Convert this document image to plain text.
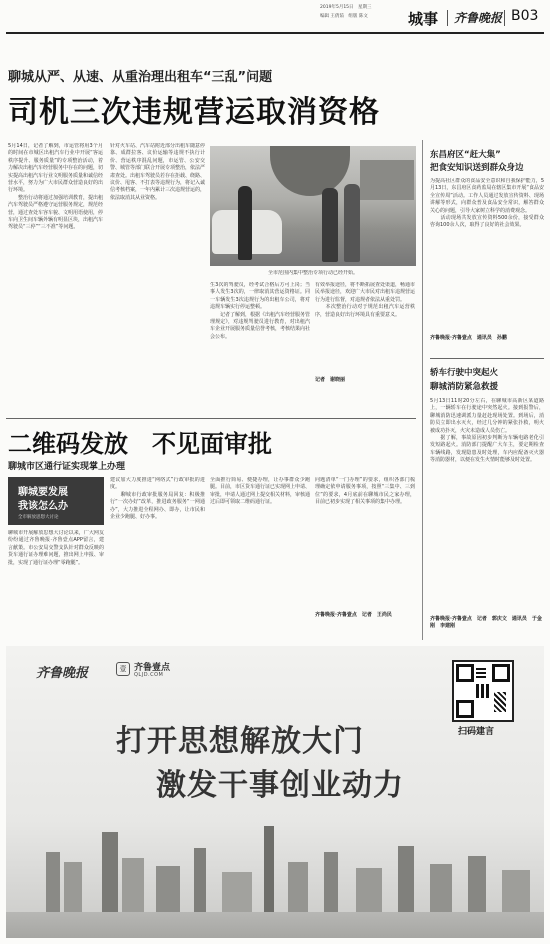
2019年5月15日　星期三
编辑 王倩茹　组版 陈文	城事 齐鲁晚报 B03
聊城从严、从速、从重治理出租车“三乱”问题
司机三次违规营运取消资格
5月14日，记者了解到，市运管将用3个月的时间在市城区出租汽车行业中开展“客运秩序提升、服务质量”的专项整治活动，着力解决出租汽车经营服务中存在的问题，切实提高出租汽车行业文明服务质量和诚信经营水平，努力为广大市民群众营造良好的出行环境。
　　整治行动将通过加强培训教育，提出租汽车驾驶员严格遵守运营服务规定，规范经营，通过查处车容车貌、文明用语使用，停车向卫生间车辆外辆有明显区块，出租汽车驾驶员“三停”“三不准”等问题。
针对火车站、汽车站附近部分出租车随意停靠、成群拉客、议价运输等违规不执行计价、营运秩序混乱问题，市运管、公安交警、城管等部门联合开展专项整治，依法严肃查处。出租车驾驶员若存在拒载、绕路、议价、甩客、不打表等违规行为，将记入诚信考核档案，一年内累计三次违规营运的，依法取消其从业资格。
全市范围内集中整治专项行动已经开始。
生3次的驾驶员，经考试合格后方可上岗；当事人发生3次的，一律取消其营运资格证。同一车辆发生3次违规行为的出租车公司，将对违规车辆实行停运整顿。
　　记者了解到，根据《出租汽车经营服务管理规定》，对违规驾驶员进行教育，对出租汽车企业开展服务质量信誉考核，考核结果向社会公布。
有效举报途径，将不断拓展查处渠道，畅通市民举报途径，欢迎广大市民对出租车违规营运行为进行监督，对违规者依法从重处罚。
　　本次整治行动对于规范出租汽车运营秩序，营造良好出行环境具有重要意义。
记者　谢晓丽
东昌府区“赶大集”
把食安知识送到群众身边
为提高社区群众的食品安全意识和自我保护能力，5月13日，东昌府区食药监局在辖区集市开展“食品安全宣传周”活动。工作人员通过发放宣传资料、现场讲解等形式，向群众普及食品安全常识，解答群众关心的问题，引导大家树立科学的消费观念。
　　活动现场共发放宣传资料500余份，接受群众咨询100余人次，取得了良好的社会效果。
齐鲁晚报·齐鲁壹点　通讯员　孙鹏
轿车行驶中突起火
聊城消防紧急救援
5月13日11时20分左右，在聊城市高新区某道路上，一辆轿车在行驶途中突然起火。接到报警后，聊城消防迅速调派力量赶赴现场处置。到场后，消防员立即出水灭火，经过几分钟的紧张扑救，明火被成功扑灭，火灾未造成人员伤亡。
　　据了解，事故原因初步判断为车辆电路老化引发短路起火。消防部门提醒广大车主，要定期检查车辆线路，发现隐患及时处理，车内应配备灭火器等消防器材，以便在发生火情时能够及时处置。
齐鲁晚报·齐鲁壹点　记者　郭庆文　通讯员　于金刚　李建刚
二维码发放　不见面审批
聊城市区通行证实现掌上办理
聊城要发展
我该怎么办
全市解放思想大讨论
聊城市开展解放思想大讨论以来，广大网友纷纷通过齐鲁晚报·齐鲁壹点APP留言，建言献策。市公安局交警支队针对群众反映的货车通行证办理难问题，推出网上申报、审批，实现了通行证办理“零跑腿”。
建议加大力度推进“网络式”行政审批的进度。
　　聊城市行政审批服务局回复：积极推行“一次办好”改革，推进政务服务“一网通办”，大力推进全程网办、即办，让市民和企业少跑腿、好办事。
全面推行简易、便捷办理，让办事群众少跑腿。目前，市区货车通行证已实现网上申请、审批，申请人通过网上提交相关材料，审核通过后即可领取二维码通行证。
问题清单“一门办理”的要求，组织各部门梳理确定依申请服务事项，按照“三集中、三到位”的要求，4月底前在聊城市民之家办理，目前已初步实现了相关事项的集中办理。
齐鲁晚报·齐鲁壹点　记者　王尚民
齐鲁晚报	壹 齐鲁壹点
QLJD.COM
打开思想解放大门
激发干事创业动力
扫码建言
